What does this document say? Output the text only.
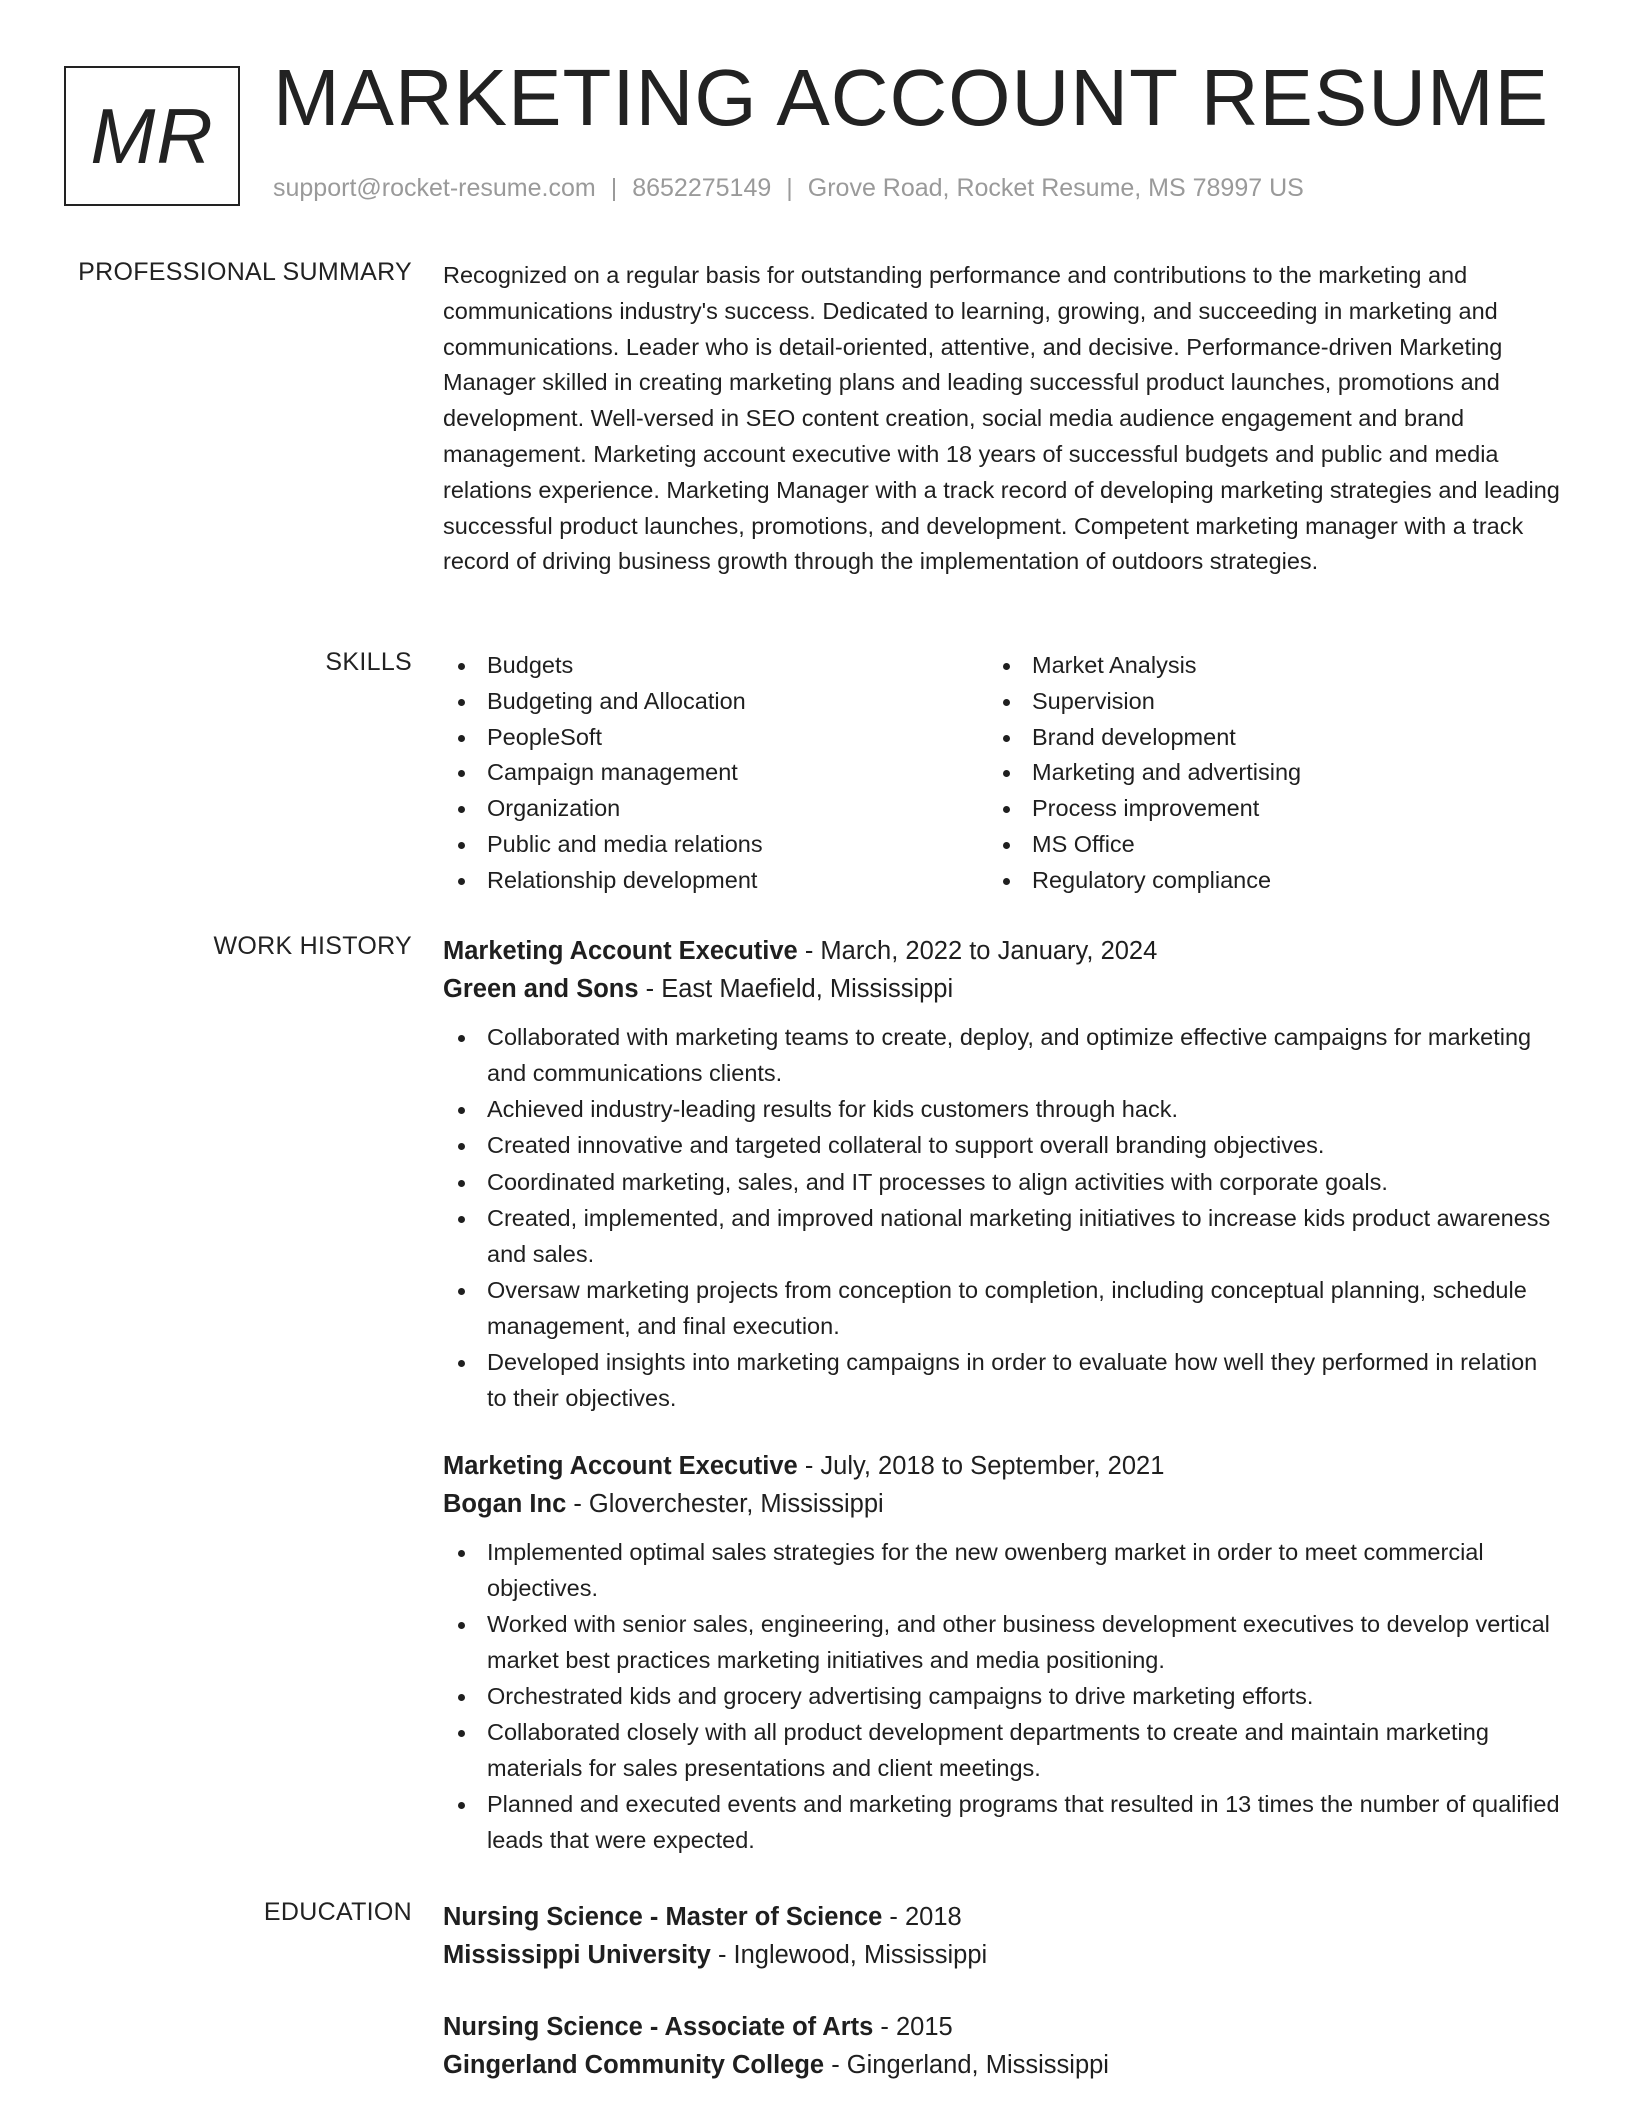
MR MARKETING ACCOUNT RESUME
support@rocket-resume.com | 8652275149 | Grove Road, Rocket Resume, MS 78997 US
PROFESSIONAL SUMMARY Recognized on a regular basis for outstanding performance and contributions to the marketing and communications industry's success. Dedicated to learning, growing, and succeeding in marketing and communications. Leader who is detail-oriented, attentive, and decisive. Performance-driven Marketing Manager skilled in creating marketing plans and leading successful product launches, promotions and development. Well-versed in SEO content creation, social media audience engagement and brand management. Marketing account executive with 18 years of successful budgets and public and media relations experience. Marketing Manager with a track record of developing marketing strategies and leading successful product launches, promotions, and development. Competent marketing manager with a track record of driving business growth through the implementation of outdoors strategies.
SKILLS	Budgets
Budgeting and Allocation
PeopleSoft
Campaign management
Organization
Public and media relations
Relationship development
Market Analysis
Supervision
Brand development
Marketing and advertising
Process improvement
MS Office
Regulatory compliance
WORK HISTORY Marketing Account Executive - March, 2022 to January, 2024
Green and Sons - East Maefield, Mississippi
Collaborated with marketing teams to create, deploy, and optimize effective campaigns for marketing and communications clients.
Achieved industry-leading results for kids customers through hack.
Created innovative and targeted collateral to support overall branding objectives.
Coordinated marketing, sales, and IT processes to align activities with corporate goals.
Created, implemented, and improved national marketing initiatives to increase kids product awareness and sales.
Oversaw marketing projects from conception to completion, including conceptual planning, schedule management, and final execution.
Developed insights into marketing campaigns in order to evaluate how well they performed in relation to their objectives.
Marketing Account Executive - July, 2018 to September, 2021
Bogan Inc - Gloverchester, Mississippi
Implemented optimal sales strategies for the new owenberg market in order to meet commercial objectives.
Worked with senior sales, engineering, and other business development executives to develop vertical market best practices marketing initiatives and media positioning.
Orchestrated kids and grocery advertising campaigns to drive marketing efforts.
Collaborated closely with all product development departments to create and maintain marketing materials for sales presentations and client meetings.
Planned and executed events and marketing programs that resulted in 13 times the number of qualified leads that were expected.
EDUCATION Nursing Science - Master of Science - 2018
Mississippi University - Inglewood, Mississippi
Nursing Science - Associate of Arts - 2015
Gingerland Community College - Gingerland, Mississippi
